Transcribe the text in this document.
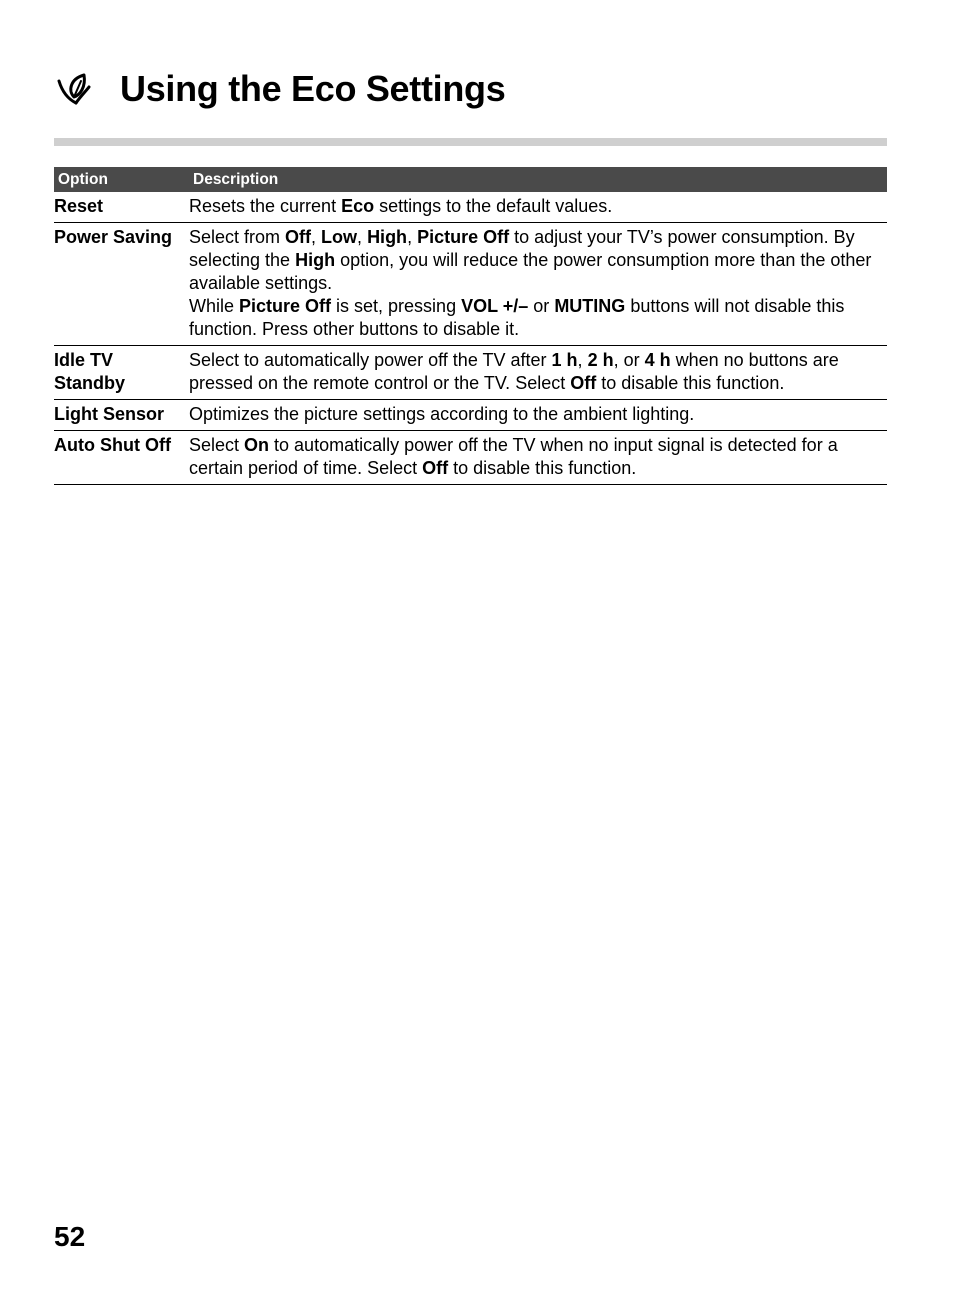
Using the Eco Settings
Option	Description
Reset	Resets the current Eco settings to the default values.

Power Saving	Select from Off, Low, High, Picture Off to adjust your TV’s power consumption. By selecting the High option, you will reduce the power consumption more than the other available settings.

While Picture Off is set, pressing VOL +/– or MUTING buttons will not disable this function. Press other buttons to disable it.

Idle TV Standby	Select to automatically power off the TV after 1 h, 2 h, or 4 h when no buttons are pressed on the remote control or the TV. Select Off to disable this function.

Light Sensor	Optimizes the picture settings according to the ambient lighting.

Auto Shut Off	Select On to automatically power off the TV when no input signal is detected for a certain period of time. Select Off to disable this function.

52
